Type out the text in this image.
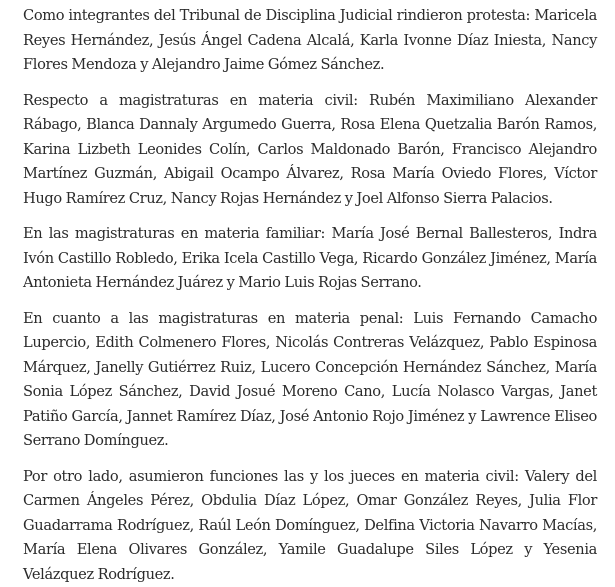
Como integrantes del Tribunal de Disciplina Judicial rindieron protesta: Maricela Reyes Hernández, Jesús Ángel Cadena Alcalá, Karla Ivonne Díaz Iniesta, Nancy Flores Mendoza y Alejandro Jaime Gómez Sánchez.

Respecto a magistraturas en materia civil: Rubén Maximiliano Alexander Rábago, Blanca Dannaly Argumedo Guerra, Rosa Elena Quetzalia Barón Ramos, Karina Lizbeth Leonides Colín, Carlos Maldonado Barón, Francisco Alejandro Martínez Guzmán, Abigail Ocampo Álvarez, Rosa María Oviedo Flores, Víctor Hugo Ramírez Cruz, Nancy Rojas Hernández y Joel Alfonso Sierra Palacios.

En las magistraturas en materia familiar: María José Bernal Ballesteros, Indra Ivón Castillo Robledo, Erika Icela Castillo Vega, Ricardo González Jiménez, María Antonieta Hernández Juárez y Mario Luis Rojas Serrano.

En cuanto a las magistraturas en materia penal: Luis Fernando Camacho Lupercio, Edith Colmenero Flores, Nicolás Contreras Velázquez, Pablo Espinosa Márquez, Janelly Gutiérrez Ruiz, Lucero Concepción Hernández Sánchez, María Sonia López Sánchez, David Josué Moreno Cano, Lucía Nolasco Vargas, Janet Patiño García, Jannet Ramírez Díaz, José Antonio Rojo Jiménez y Lawrence Eliseo Serrano Domínguez.

Por otro lado, asumieron funciones las y los jueces en materia civil: Valery del Carmen Ángeles Pérez, Obdulia Díaz López, Omar González Reyes, Julia Flor Guadarrama Rodríguez, Raúl León Domínguez, Delfina Victoria Navarro Macías, María Elena Olivares González, Yamile Guadalupe Siles López y Yesenia Velázquez Rodríguez.
